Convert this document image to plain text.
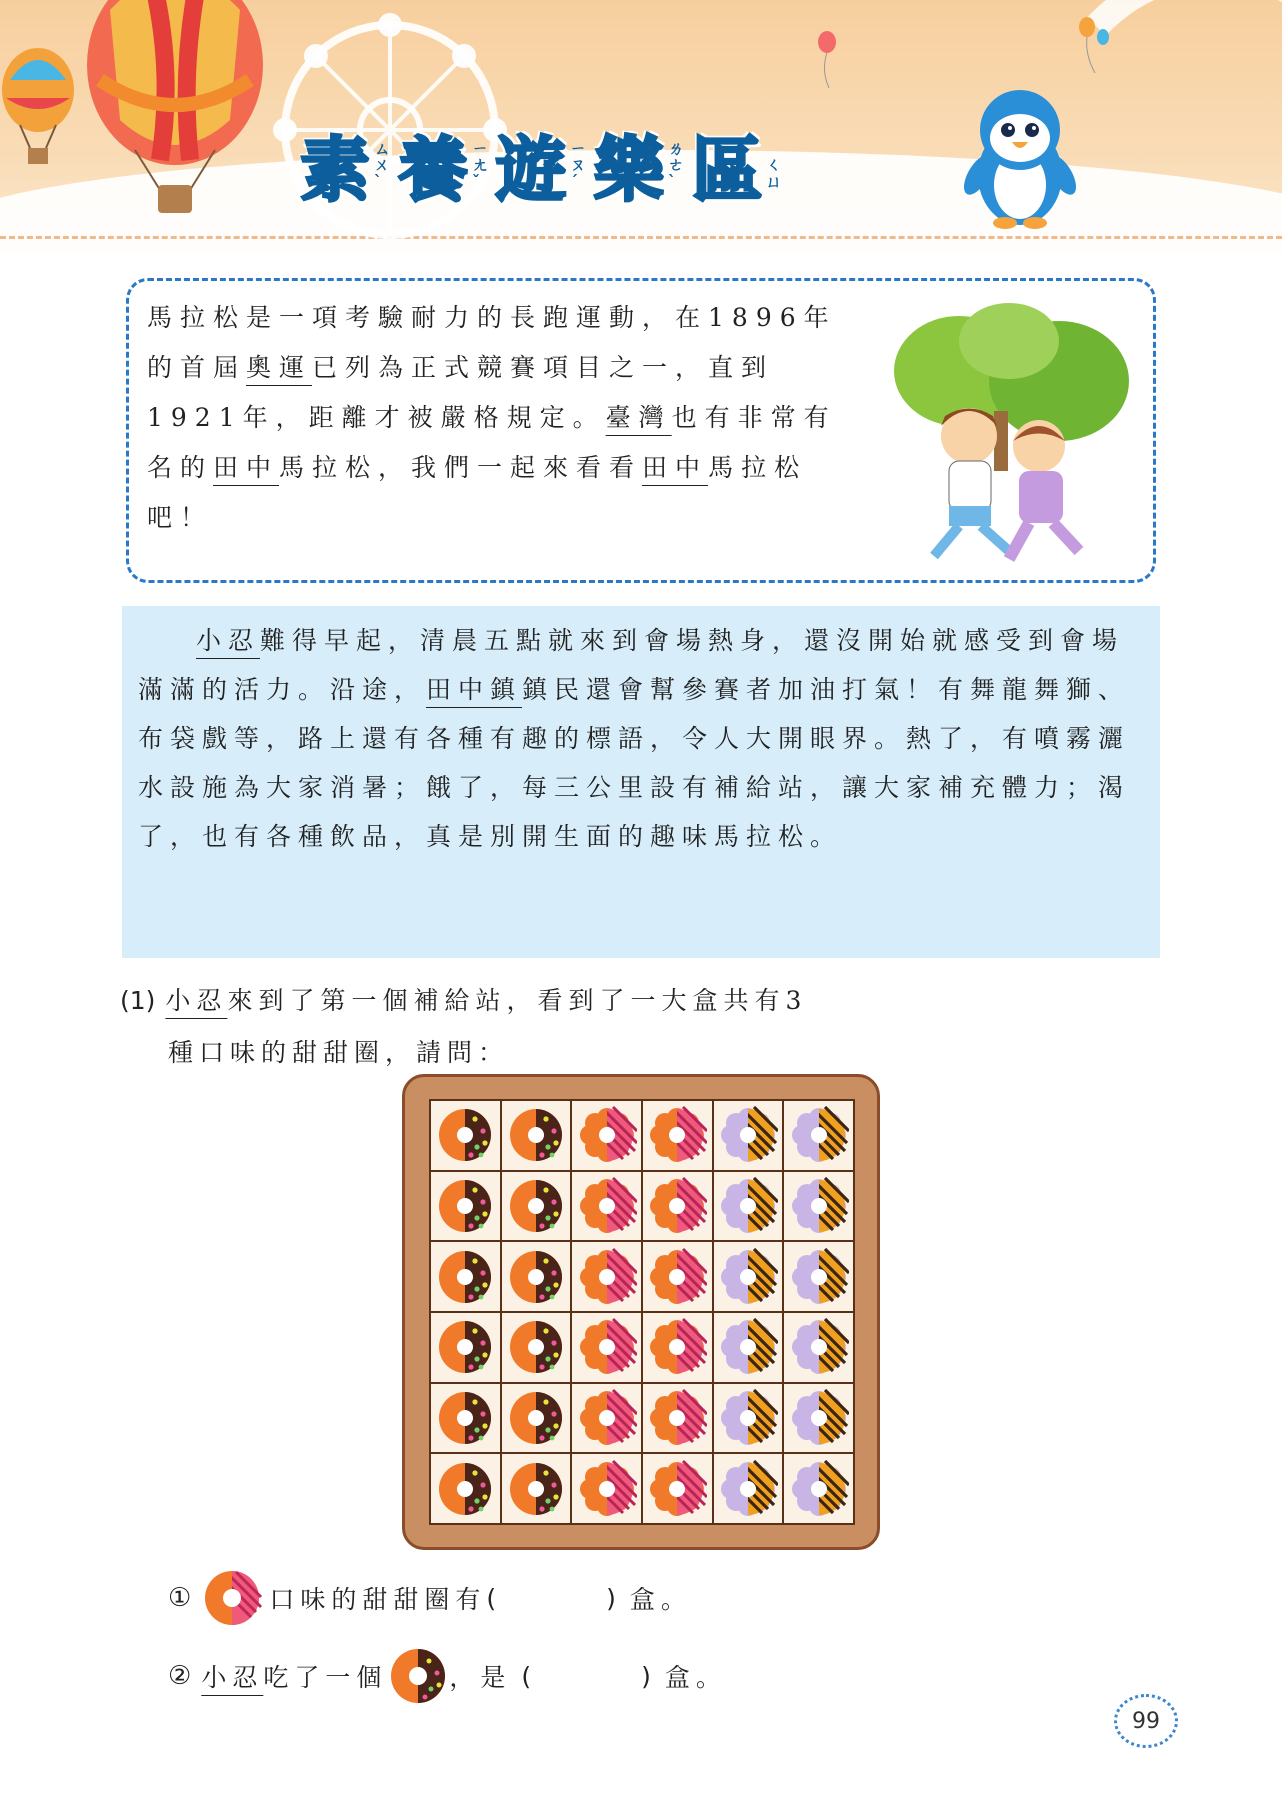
素 ㄙㄨˋ 養 ㄧㄤˇ 遊 ㄧㄡˊ 樂 ㄌㄜˋ 區 ㄑㄩ
馬拉松是一項考驗耐力的長跑運動，在1896年的首屆奧運已列為正式競賽項目之一，直到1921年，距離才被嚴格規定。臺灣也有非常有名的田中馬拉松，我們一起來看看田中馬拉松吧！
小忍難得早起，清晨五點就來到會場熱身，還沒開始就感受到會場滿滿的活力。沿途，田中鎮鎮民還會幫參賽者加油打氣！有舞龍舞獅、布袋戲等，路上還有各種有趣的標語，令人大開眼界。熱了，有噴霧灑水設施為大家消暑；餓了，每三公里設有補給站，讓大家補充體力；渴了，也有各種飲品，真是別開生面的趣味馬拉松。
(1) 小忍來到了第一個補給站，看到了一大盒共有3
種口味的甜甜圈，請問：
①	口味的甜甜圈有 (	) 盒。
② 小忍 吃了一個 ，是 (	) 盒。
99
